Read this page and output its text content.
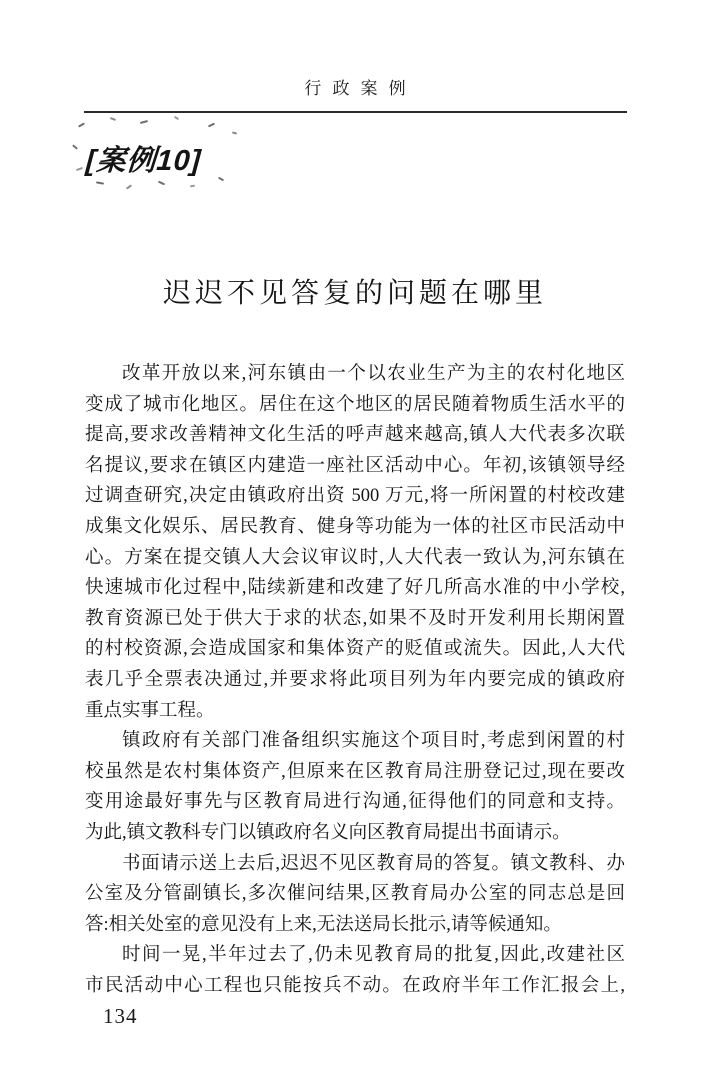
行政案例
[案例10]
迟迟不见答复的问题在哪里
改革开放以来,河东镇由一个以农业生产为主的农村化地区
变成了城市化地区。居住在这个地区的居民随着物质生活水平的
提高,要求改善精神文化生活的呼声越来越高,镇人大代表多次联
名提议,要求在镇区内建造一座社区活动中心。年初,该镇领导经
过调查研究,决定由镇政府出资 500 万元,将一所闲置的村校改建
成集文化娱乐、居民教育、健身等功能为一体的社区市民活动中
心。方案在提交镇人大会议审议时,人大代表一致认为,河东镇在
快速城市化过程中,陆续新建和改建了好几所高水准的中小学校,
教育资源已处于供大于求的状态,如果不及时开发利用长期闲置
的村校资源,会造成国家和集体资产的贬值或流失。因此,人大代
表几乎全票表决通过,并要求将此项目列为年内要完成的镇政府
重点实事工程。
镇政府有关部门准备组织实施这个项目时,考虑到闲置的村
校虽然是农村集体资产,但原来在区教育局注册登记过,现在要改
变用途最好事先与区教育局进行沟通,征得他们的同意和支持。
为此,镇文教科专门以镇政府名义向区教育局提出书面请示。
书面请示送上去后,迟迟不见区教育局的答复。镇文教科、办
公室及分管副镇长,多次催问结果,区教育局办公室的同志总是回
答:相关处室的意见没有上来,无法送局长批示,请等候通知。
时间一晃,半年过去了,仍未见教育局的批复,因此,改建社区
市民活动中心工程也只能按兵不动。在政府半年工作汇报会上,
134
